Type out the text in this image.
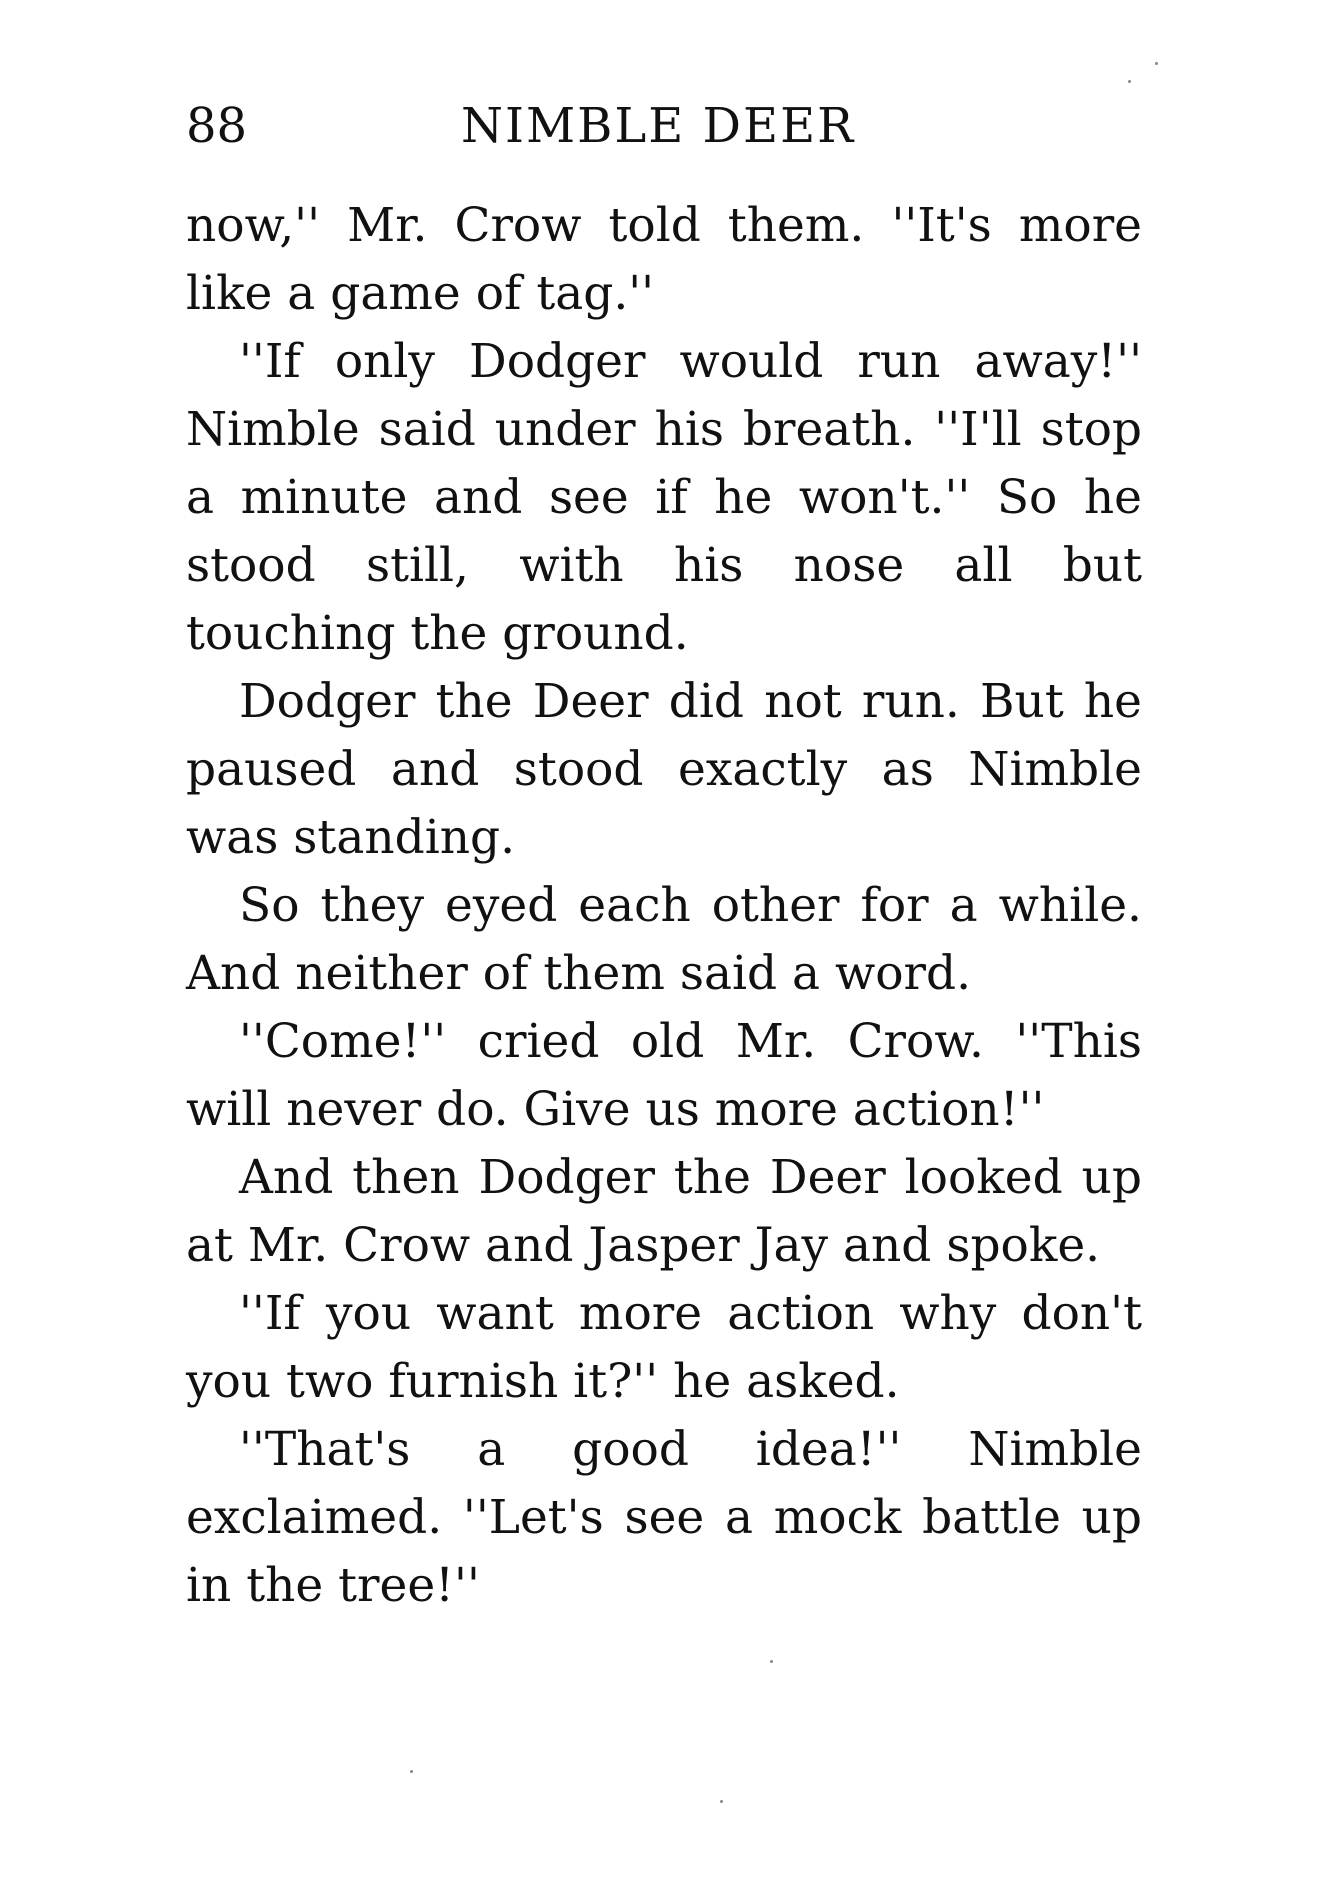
88	NIMBLE DEER

now,'' Mr. Crow told them. ''It's more like a game of tag.''

''If only Dodger would run away!'' Nimble said under his breath. ''I'll stop a minute and see if he won't.'' So he stood still, with his nose all but touching the ground.

Dodger the Deer did not run. But he paused and stood exactly as Nimble was standing.

So they eyed each other for a while. And neither of them said a word.

''Come!'' cried old Mr. Crow. ''This will never do. Give us more action!''

And then Dodger the Deer looked up at Mr. Crow and Jasper Jay and spoke.

''If you want more action why don't you two furnish it?'' he asked.

''That's a good idea!'' Nimble exclaimed. ''Let's see a mock battle up in the tree!''
